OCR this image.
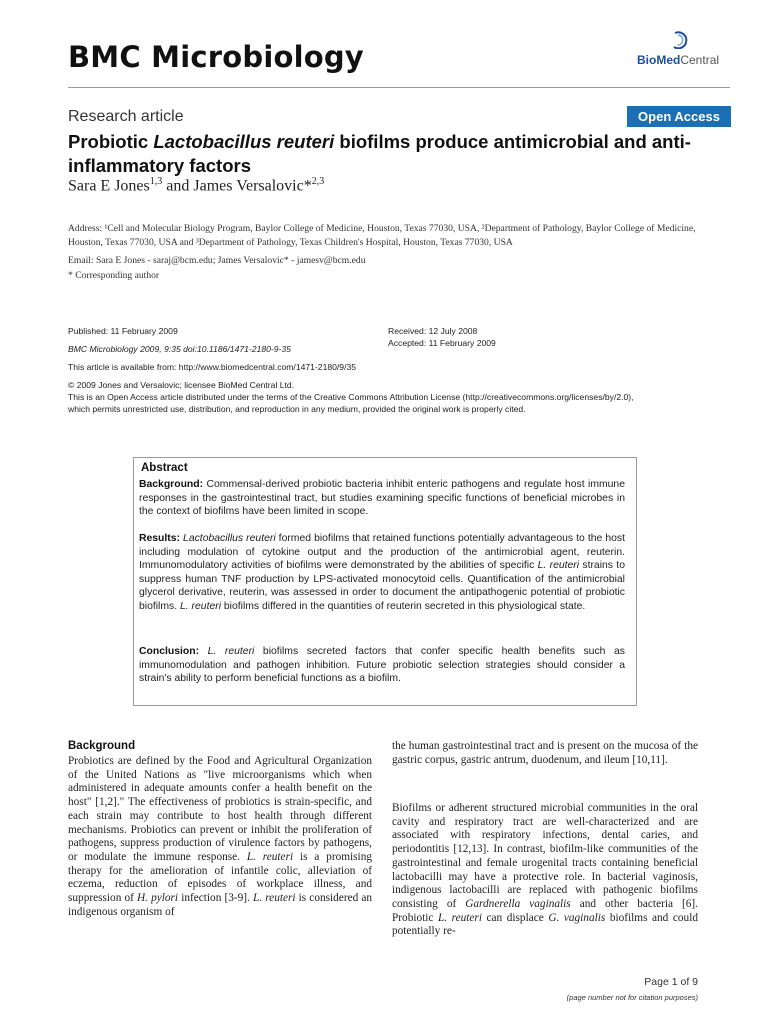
BMC Microbiology	BioMedCentral
Research article	Open Access
Probiotic Lactobacillus reuteri biofilms produce antimicrobial and anti-inflammatory factors
Sara E Jones$^{1,3}$ and James Versalovic*$^{2,3}$
Address: ¹Cell and Molecular Biology Program, Baylor College of Medicine, Houston, Texas 77030, USA, ²Department of Pathology, Baylor College of Medicine, Houston, Texas 77030, USA and ³Department of Pathology, Texas Children's Hospital, Houston, Texas 77030, USA
Email: Sara E Jones - saraj@bcm.edu; James Versalovic* - jamesv@bcm.edu
* Corresponding author
Published: 11 February 2009
BMC Microbiology 2009, 9:35 doi:10.1186/1471-2180-9-35
Received: 12 July 2008
Accepted: 11 February 2009
This article is available from: http://www.biomedcentral.com/1471-2180/9/35
© 2009 Jones and Versalovic; licensee BioMed Central Ltd.
This is an Open Access article distributed under the terms of the Creative Commons Attribution License (http://creativecommons.org/licenses/by/2.0),
which permits unrestricted use, distribution, and reproduction in any medium, provided the original work is properly cited.
Abstract

Background: Commensal-derived probiotic bacteria inhibit enteric pathogens and regulate host immune responses in the gastrointestinal tract, but studies examining specific functions of beneficial microbes in the context of biofilms have been limited in scope.

Results: Lactobacillus reuteri formed biofilms that retained functions potentially advantageous to the host including modulation of cytokine output and the production of the antimicrobial agent, reuterin. Immunomodulatory activities of biofilms were demonstrated by the abilities of specific L. reuteri strains to suppress human TNF production by LPS-activated monocytoid cells. Quantification of the antimicrobial glycerol derivative, reuterin, was assessed in order to document the antipathogenic potential of probiotic biofilms. L. reuteri biofilms differed in the quantities of reuterin secreted in this physiological state.

Conclusion: L. reuteri biofilms secreted factors that confer specific health benefits such as immunomodulation and pathogen inhibition. Future probiotic selection strategies should consider a strain's ability to perform beneficial functions as a biofilm.

Background

Probiotics are defined by the Food and Agricultural Organization of the United Nations as "live microorganisms which when administered in adequate amounts confer a health benefit on the host" [1,2]." The effectiveness of probiotics is strain-specific, and each strain may contribute to host health through different mechanisms. Probiotics can prevent or inhibit the proliferation of pathogens, suppress production of virulence factors by pathogens, or modulate the immune response. L. reuteri is a promising therapy for the amelioration of infantile colic, alleviation of eczema, reduction of episodes of workplace illness, and suppression of H. pylori infection [3-9]. L. reuteri is considered an indigenous organism of

the human gastrointestinal tract and is present on the mucosa of the gastric corpus, gastric antrum, duodenum, and ileum [10,11].

Biofilms or adherent structured microbial communities in the oral cavity and respiratory tract are well-characterized and are associated with respiratory infections, dental caries, and periodontitis [12,13]. In contrast, biofilm-like communities of the gastrointestinal and female urogenital tracts containing beneficial lactobacilli may have a protective role. In bacterial vaginosis, indigenous lactobacilli are replaced with pathogenic biofilms consisting of Gardnerella vaginalis and other bacteria [6]. Probiotic L. reuteri can displace G. vaginalis biofilms and could potentially re-

Page 1 of 9
(page number not for citation purposes)
